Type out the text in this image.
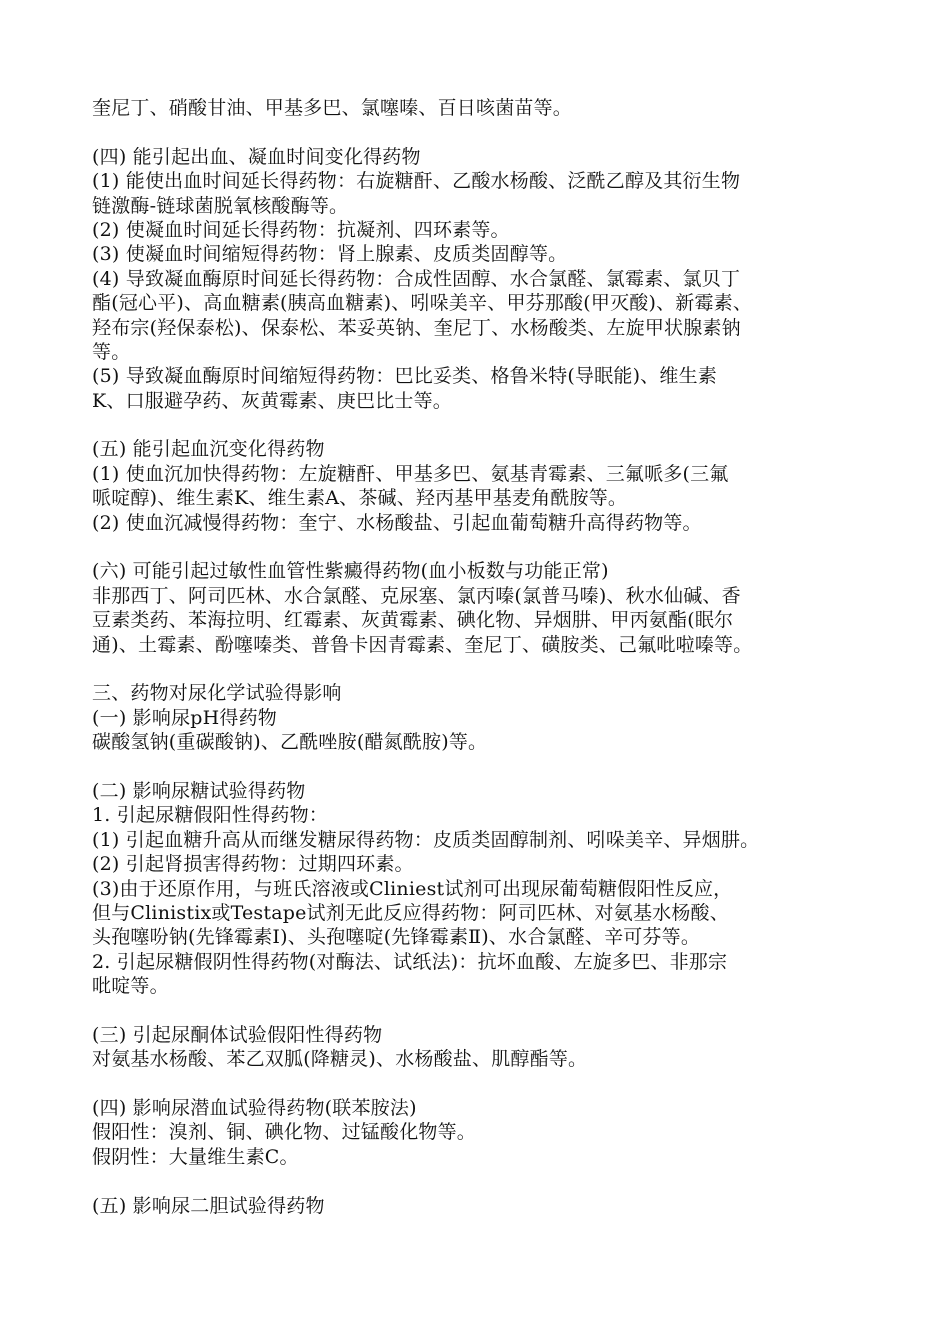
奎尼丁、硝酸甘油、甲基多巴、氯噻嗪、百日咳菌苗等。
(四) 能引起出血、凝血时间变化得药物
(1) 能使出血时间延长得药物：右旋糖酐、乙酸水杨酸、泛酰乙醇及其衍生物
链激酶-链球菌脱氧核酸酶等。
(2) 使凝血时间延长得药物：抗凝剂、四环素等。
(3) 使凝血时间缩短得药物：肾上腺素、皮质类固醇等。
(4) 导致凝血酶原时间延长得药物：合成性固醇、水合氯醛、氯霉素、氯贝丁
酯(冠心平)、高血糖素(胰高血糖素)、吲哚美辛、甲芬那酸(甲灭酸)、新霉素、
羟布宗(羟保泰松)、保泰松、苯妥英钠、奎尼丁、水杨酸类、左旋甲状腺素钠
等。
(5) 导致凝血酶原时间缩短得药物：巴比妥类、格鲁米特(导眠能)、维生素
K、口服避孕药、灰黄霉素、庚巴比士等。
(五) 能引起血沉变化得药物
(1) 使血沉加快得药物：左旋糖酐、甲基多巴、氨基青霉素、三氟哌多(三氟
哌啶醇)、维生素K、维生素A、茶碱、羟丙基甲基麦角酰胺等。
(2) 使血沉减慢得药物：奎宁、水杨酸盐、引起血葡萄糖升高得药物等。
(六) 可能引起过敏性血管性紫癜得药物(血小板数与功能正常)
非那西丁、阿司匹林、水合氯醛、克尿塞、氯丙嗪(氯普马嗪)、秋水仙碱、香
豆素类药、苯海拉明、红霉素、灰黄霉素、碘化物、异烟肼、甲丙氨酯(眠尔
通)、土霉素、酚噻嗪类、普鲁卡因青霉素、奎尼丁、磺胺类、己氟吡啦嗪等。
三、药物对尿化学试验得影响
(一) 影响尿pH得药物
碳酸氢钠(重碳酸钠)、乙酰唑胺(醋氮酰胺)等。
(二) 影响尿糖试验得药物
1. 引起尿糖假阳性得药物：
(1) 引起血糖升高从而继发糖尿得药物：皮质类固醇制剂、吲哚美辛、异烟肼。
(2) 引起肾损害得药物：过期四环素。
(3)由于还原作用，与班氏溶液或Cliniest试剂可出现尿葡萄糖假阳性反应，
但与Clinistix或Testape试剂无此反应得药物：阿司匹林、对氨基水杨酸、
头孢噻吩钠(先锋霉素Ⅰ)、头孢噻啶(先锋霉素Ⅱ)、水合氯醛、辛可芬等。
2. 引起尿糖假阴性得药物(对酶法、试纸法)：抗坏血酸、左旋多巴、非那宗
吡啶等。
(三) 引起尿酮体试验假阳性得药物
对氨基水杨酸、苯乙双胍(降糖灵)、水杨酸盐、肌醇酯等。
(四) 影响尿潜血试验得药物(联苯胺法)
假阳性：溴剂、铜、碘化物、过锰酸化物等。
假阴性：大量维生素C。
(五) 影响尿二胆试验得药物
